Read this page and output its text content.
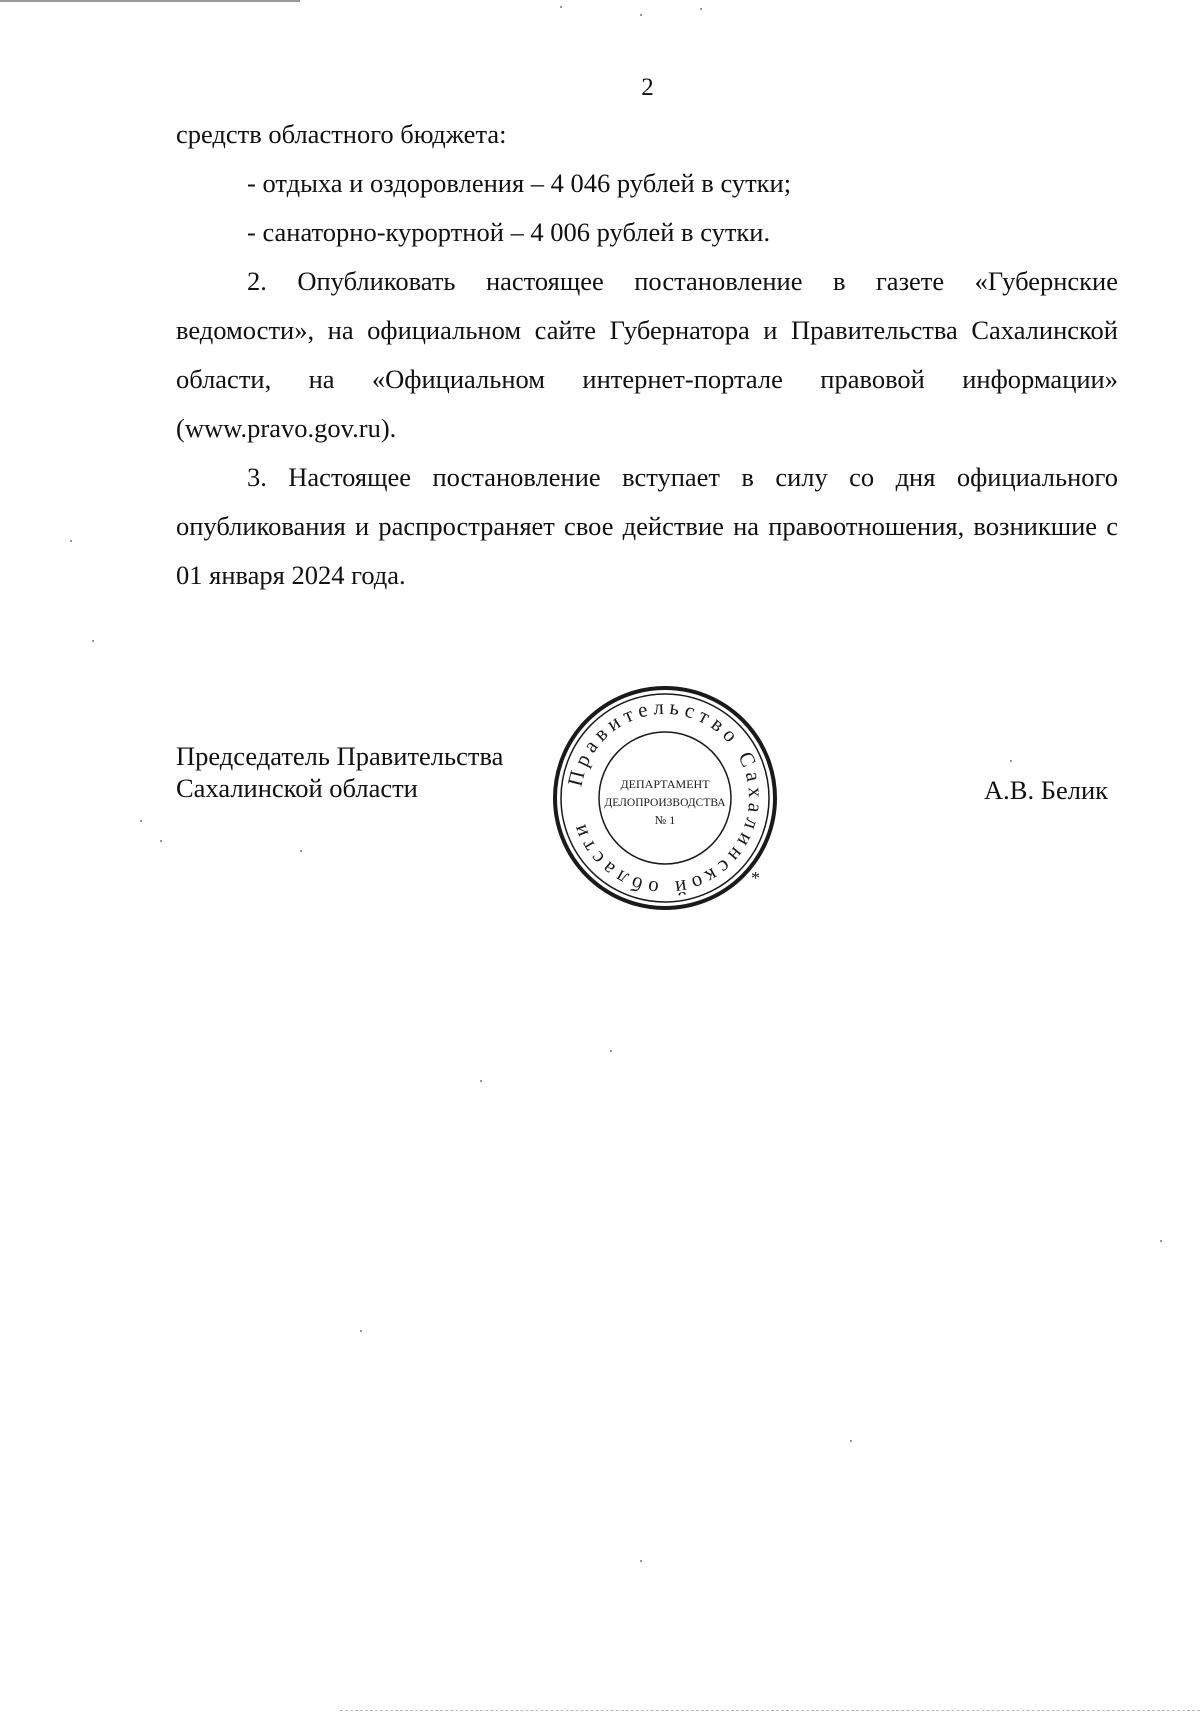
2

средств областного бюджета:

- отдыха и оздоровления – 4 046 рублей в сутки;

- санаторно-курортной – 4 006 рублей в сутки.

2. Опубликовать настоящее постановление в газете «Губернские ведомости», на официальном сайте Губернатора и Правительства Сахалинской области, на «Официальном интернет-портале правовой информации» (www.pravo.gov.ru).

3. Настоящее постановление вступает в силу со дня официального опубликования и распространяет свое действие на правоотношения, возникшие с 01 января 2024 года.

Председатель Правительства
Сахалинской области	Правительство Сахалинской области
*
ДЕПАРТАМЕНТ
ДЕЛОПРОИЗВОДСТВА
№ 1
А.В. Белик
